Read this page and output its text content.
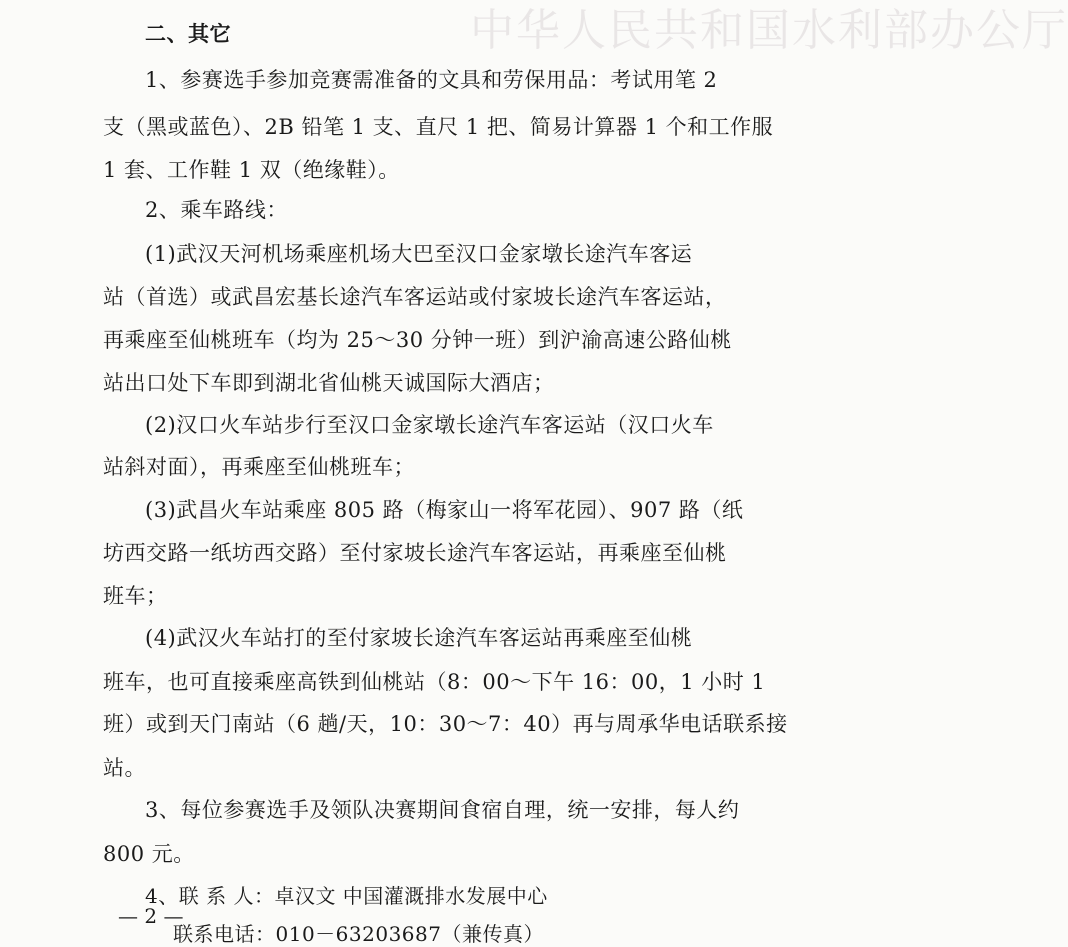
中华人民共和国水利部办公厅
二、其它
1、参赛选手参加竞赛需准备的文具和劳保用品：考试用笔 2
支（黑或蓝色）、2B 铅笔 1 支、直尺 1 把、简易计算器 1 个和工作服
1 套、工作鞋 1 双（绝缘鞋）。
2、乘车路线：
(1)武汉天河机场乘座机场大巴至汉口金家墩长途汽车客运
站（首选）或武昌宏基长途汽车客运站或付家坡长途汽车客运站，
再乘座至仙桃班车（均为 25～30 分钟一班）到沪渝高速公路仙桃
站出口处下车即到湖北省仙桃天诚国际大酒店；
(2)汉口火车站步行至汉口金家墩长途汽车客运站（汉口火车
站斜对面），再乘座至仙桃班车；
(3)武昌火车站乘座 805 路（梅家山一将军花园）、907 路（纸
坊西交路一纸坊西交路）至付家坡长途汽车客运站，再乘座至仙桃
班车；
(4)武汉火车站打的至付家坡长途汽车客运站再乘座至仙桃
班车，也可直接乘座高铁到仙桃站（8：00～下午 16：00，1 小时 1
班）或到天门南站（6 趟/天，10：30～7：40）再与周承华电话联系接
站。
3、每位参赛选手及领队决赛期间食宿自理，统一安排，每人约
800 元。
4、联 系 人：卓汉文 中国灌溉排水发展中心
联系电话：010－63203687（兼传真）
— 2 —
